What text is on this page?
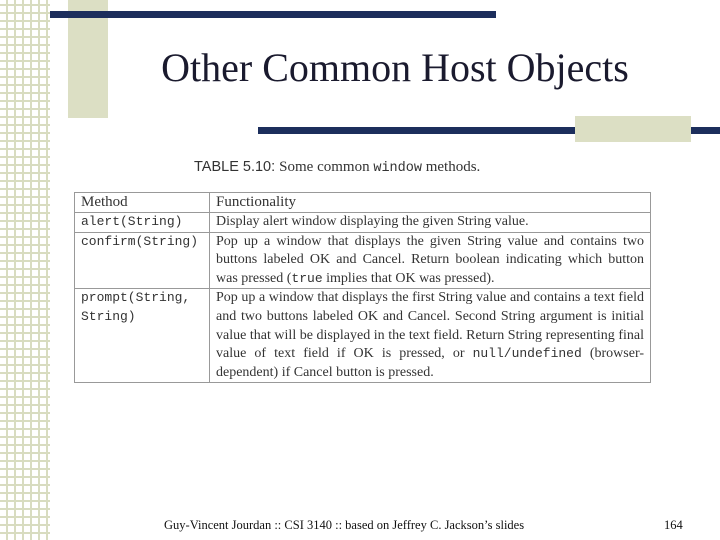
Other Common Host Objects
TABLE 5.10: Some common window methods.
Method	Functionality
alert(String)	Display alert window displaying the given String value.
confirm(String)	Pop up a window that displays the given String value and contains two buttons labeled OK and Cancel. Return boolean indicating which button was pressed (true implies that OK was pressed).
prompt(String, String)	Pop up a window that displays the first String value and contains a text field and two buttons labeled OK and Cancel. Second String argument is initial value that will be displayed in the text field. Return String representing final value of text field if OK is pressed, or null/undefined (browser-dependent) if Cancel button is pressed.
Guy-Vincent Jourdan :: CSI 3140 :: based on Jeffrey C. Jackson’s slides	164
